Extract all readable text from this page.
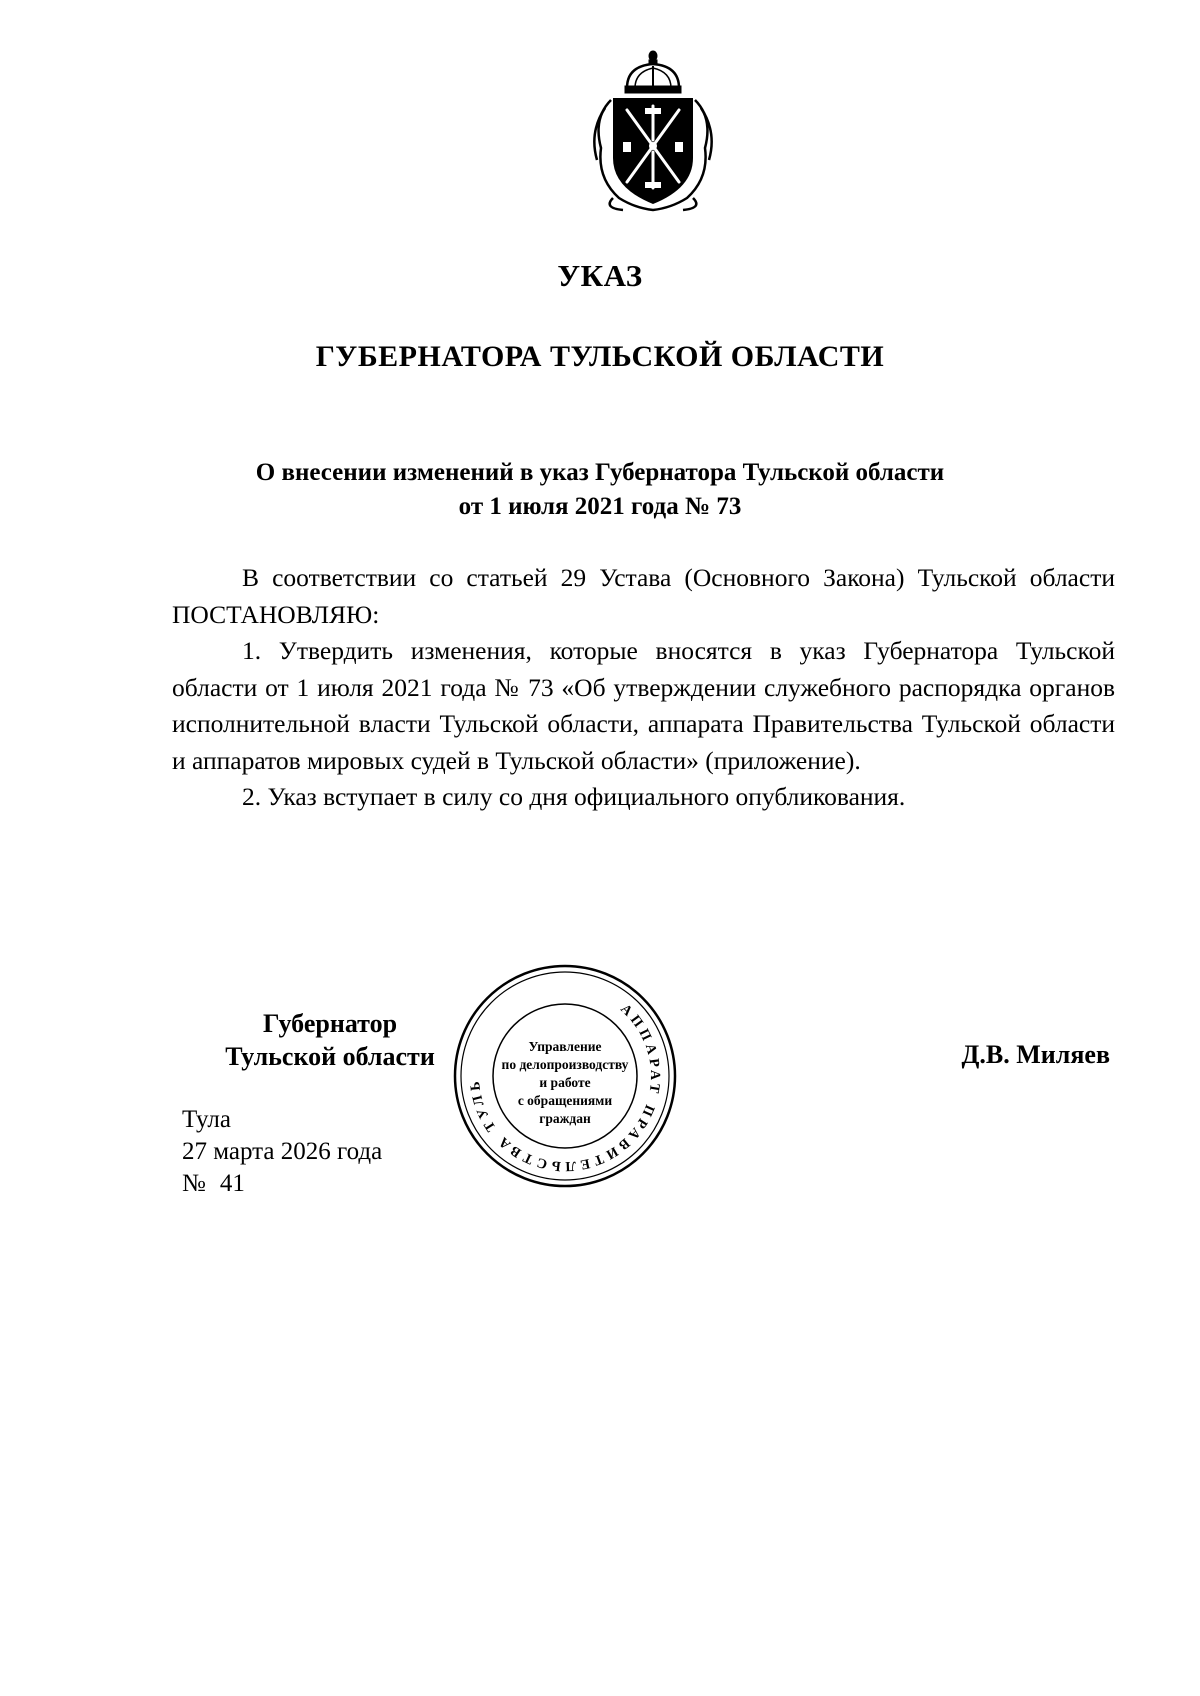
УКАЗ
ГУБЕРНАТОРА ТУЛЬСКОЙ ОБЛАСТИ
О внесении изменений в указ Губернатора Тульской области
от 1 июля 2021 года № 73

В соответствии со статьей 29 Устава (Основного Закона) Тульской области ПОСТАНОВЛЯЮ:

1. Утвердить изменения, которые вносятся в указ Губернатора Тульской области от 1 июля 2021 года № 73 «Об утверждении служебного распорядка органов исполнительной власти Тульской области, аппарата Правительства Тульской области и аппаратов мировых судей в Тульской области» (приложение).

2. Указ вступает в силу со дня официального опубликования.

Губернатор
Тульской области	Д.В. Миляев
Тула
27 марта 2026 года
№ 41
АППАРАТ ПРАВИТЕЛЬСТВА ТУЛЬ
Управление
по делопроизводству
и работе
с обращениями
граждан
